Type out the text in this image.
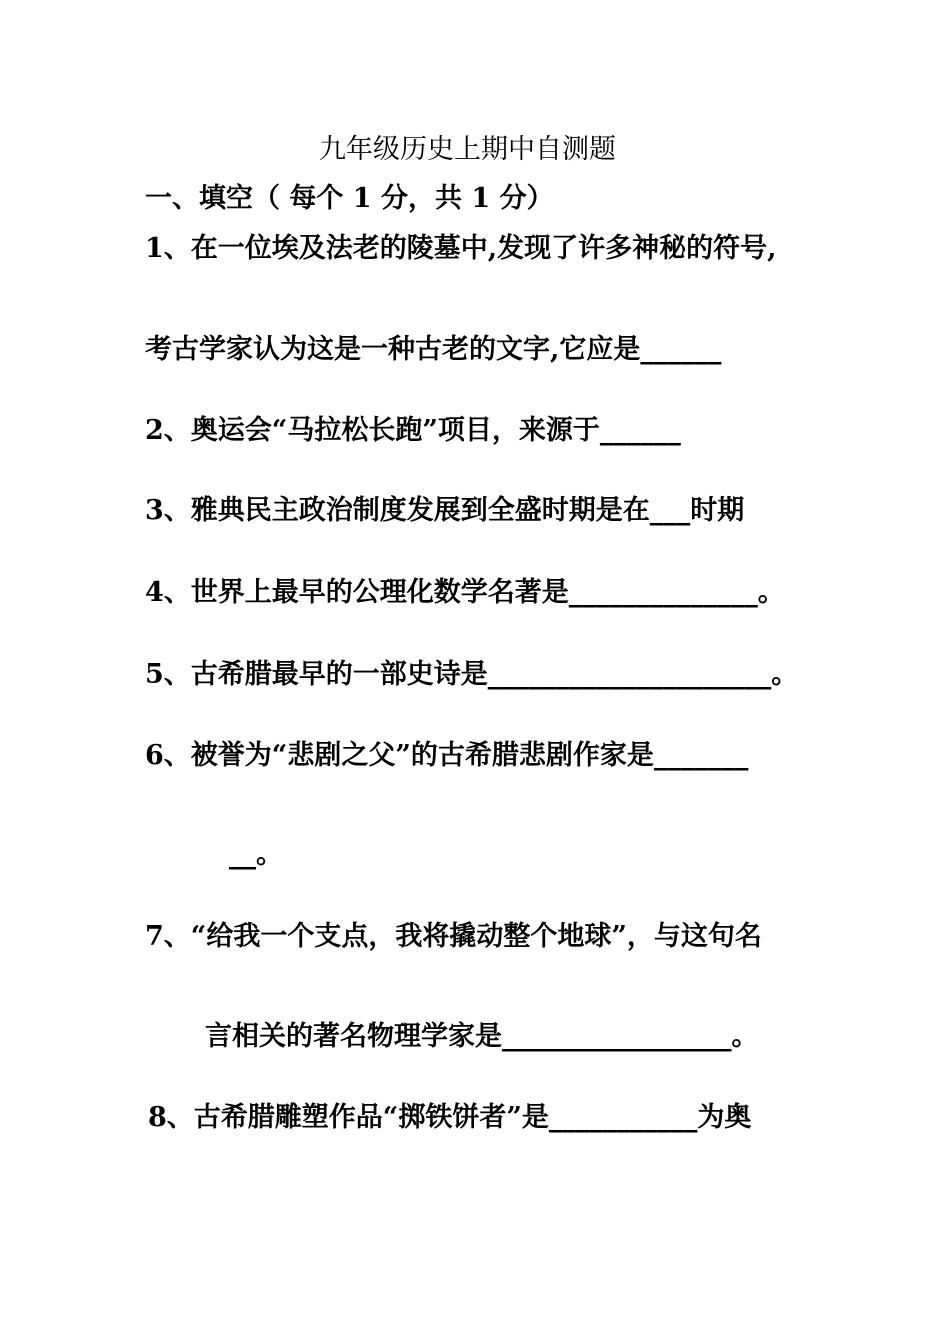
九年级历史上期中自测题
一、填空（ 每个 1 分，共 1 分）
1、在一位埃及法老的陵墓中,发现了许多神秘的符号,
考古学家认为这是一种古老的文字,它应是______
2、奥运会“马拉松长跑”项目，来源于______
3、雅典民主政治制度发展到全盛时期是在___时期
4、世界上最早的公理化数学名著是______________。
5、古希腊最早的一部史诗是_____________________。
6、被誉为“悲剧之父”的古希腊悲剧作家是_______
__。
7、“给我一个支点，我将撬动整个地球”，与这句名
言相关的著名物理学家是_________________。
8、古希腊雕塑作品“掷铁饼者”是___________为奥
